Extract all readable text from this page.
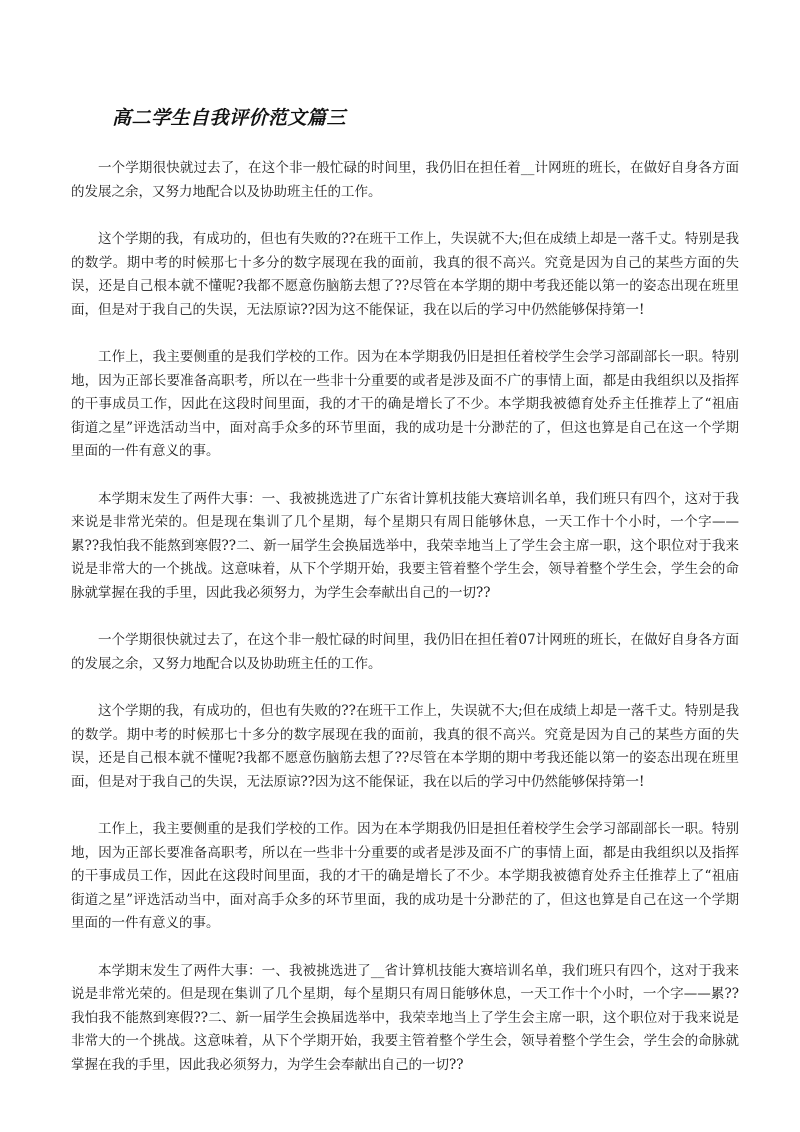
高二学生自我评价范文篇三

一个学期很快就过去了，在这个非一般忙碌的时间里，我仍旧在担任着__计网班的班长，在做好自身各方面的发展之余，又努力地配合以及协助班主任的工作。

这个学期的我，有成功的，但也有失败的??在班干工作上，失误就不大;但在成绩上却是一落千丈。特别是我的数学。期中考的时候那七十多分的数字展现在我的面前，我真的很不高兴。究竟是因为自己的某些方面的失误，还是自己根本就不懂呢?我都不愿意伤脑筋去想了??尽管在本学期的期中考我还能以第一的姿态出现在班里面，但是对于我自己的失误，无法原谅??因为这不能保证，我在以后的学习中仍然能够保持第一!

工作上，我主要侧重的是我们学校的工作。因为在本学期我仍旧是担任着校学生会学习部副部长一职。特别地，因为正部长要准备高职考，所以在一些非十分重要的或者是涉及面不广的事情上面，都是由我组织以及指挥的干事成员工作，因此在这段时间里面，我的才干的确是增长了不少。本学期我被德育处乔主任推荐上了“祖庙街道之星”评选活动当中，面对高手众多的环节里面，我的成功是十分渺茫的了，但这也算是自己在这一个学期里面的一件有意义的事。

本学期末发生了两件大事：一、我被挑选进了广东省计算机技能大赛培训名单，我们班只有四个，这对于我来说是非常光荣的。但是现在集训了几个星期，每个星期只有周日能够休息，一天工作十个小时，一个字——累??我怕我不能熬到寒假??二、新一届学生会换届选举中，我荣幸地当上了学生会主席一职，这个职位对于我来说是非常大的一个挑战。这意味着，从下个学期开始，我要主管着整个学生会，领导着整个学生会，学生会的命脉就掌握在我的手里，因此我必须努力，为学生会奉献出自己的一切??

一个学期很快就过去了，在这个非一般忙碌的时间里，我仍旧在担任着07计网班的班长，在做好自身各方面的发展之余，又努力地配合以及协助班主任的工作。

这个学期的我，有成功的，但也有失败的??在班干工作上，失误就不大;但在成绩上却是一落千丈。特别是我的数学。期中考的时候那七十多分的数字展现在我的面前，我真的很不高兴。究竟是因为自己的某些方面的失误，还是自己根本就不懂呢?我都不愿意伤脑筋去想了??尽管在本学期的期中考我还能以第一的姿态出现在班里面，但是对于我自己的失误，无法原谅??因为这不能保证，我在以后的学习中仍然能够保持第一!

工作上，我主要侧重的是我们学校的工作。因为在本学期我仍旧是担任着校学生会学习部副部长一职。特别地，因为正部长要准备高职考，所以在一些非十分重要的或者是涉及面不广的事情上面，都是由我组织以及指挥的干事成员工作，因此在这段时间里面，我的才干的确是增长了不少。本学期我被德育处乔主任推荐上了“祖庙街道之星”评选活动当中，面对高手众多的环节里面，我的成功是十分渺茫的了，但这也算是自己在这一个学期里面的一件有意义的事。

本学期末发生了两件大事：一、我被挑选进了__省计算机技能大赛培训名单，我们班只有四个，这对于我来说是非常光荣的。但是现在集训了几个星期，每个星期只有周日能够休息，一天工作十个小时，一个字——累??我怕我不能熬到寒假??二、新一届学生会换届选举中，我荣幸地当上了学生会主席一职，这个职位对于我来说是非常大的一个挑战。这意味着，从下个学期开始，我要主管着整个学生会，领导着整个学生会，学生会的命脉就掌握在我的手里，因此我必须努力，为学生会奉献出自己的一切??
